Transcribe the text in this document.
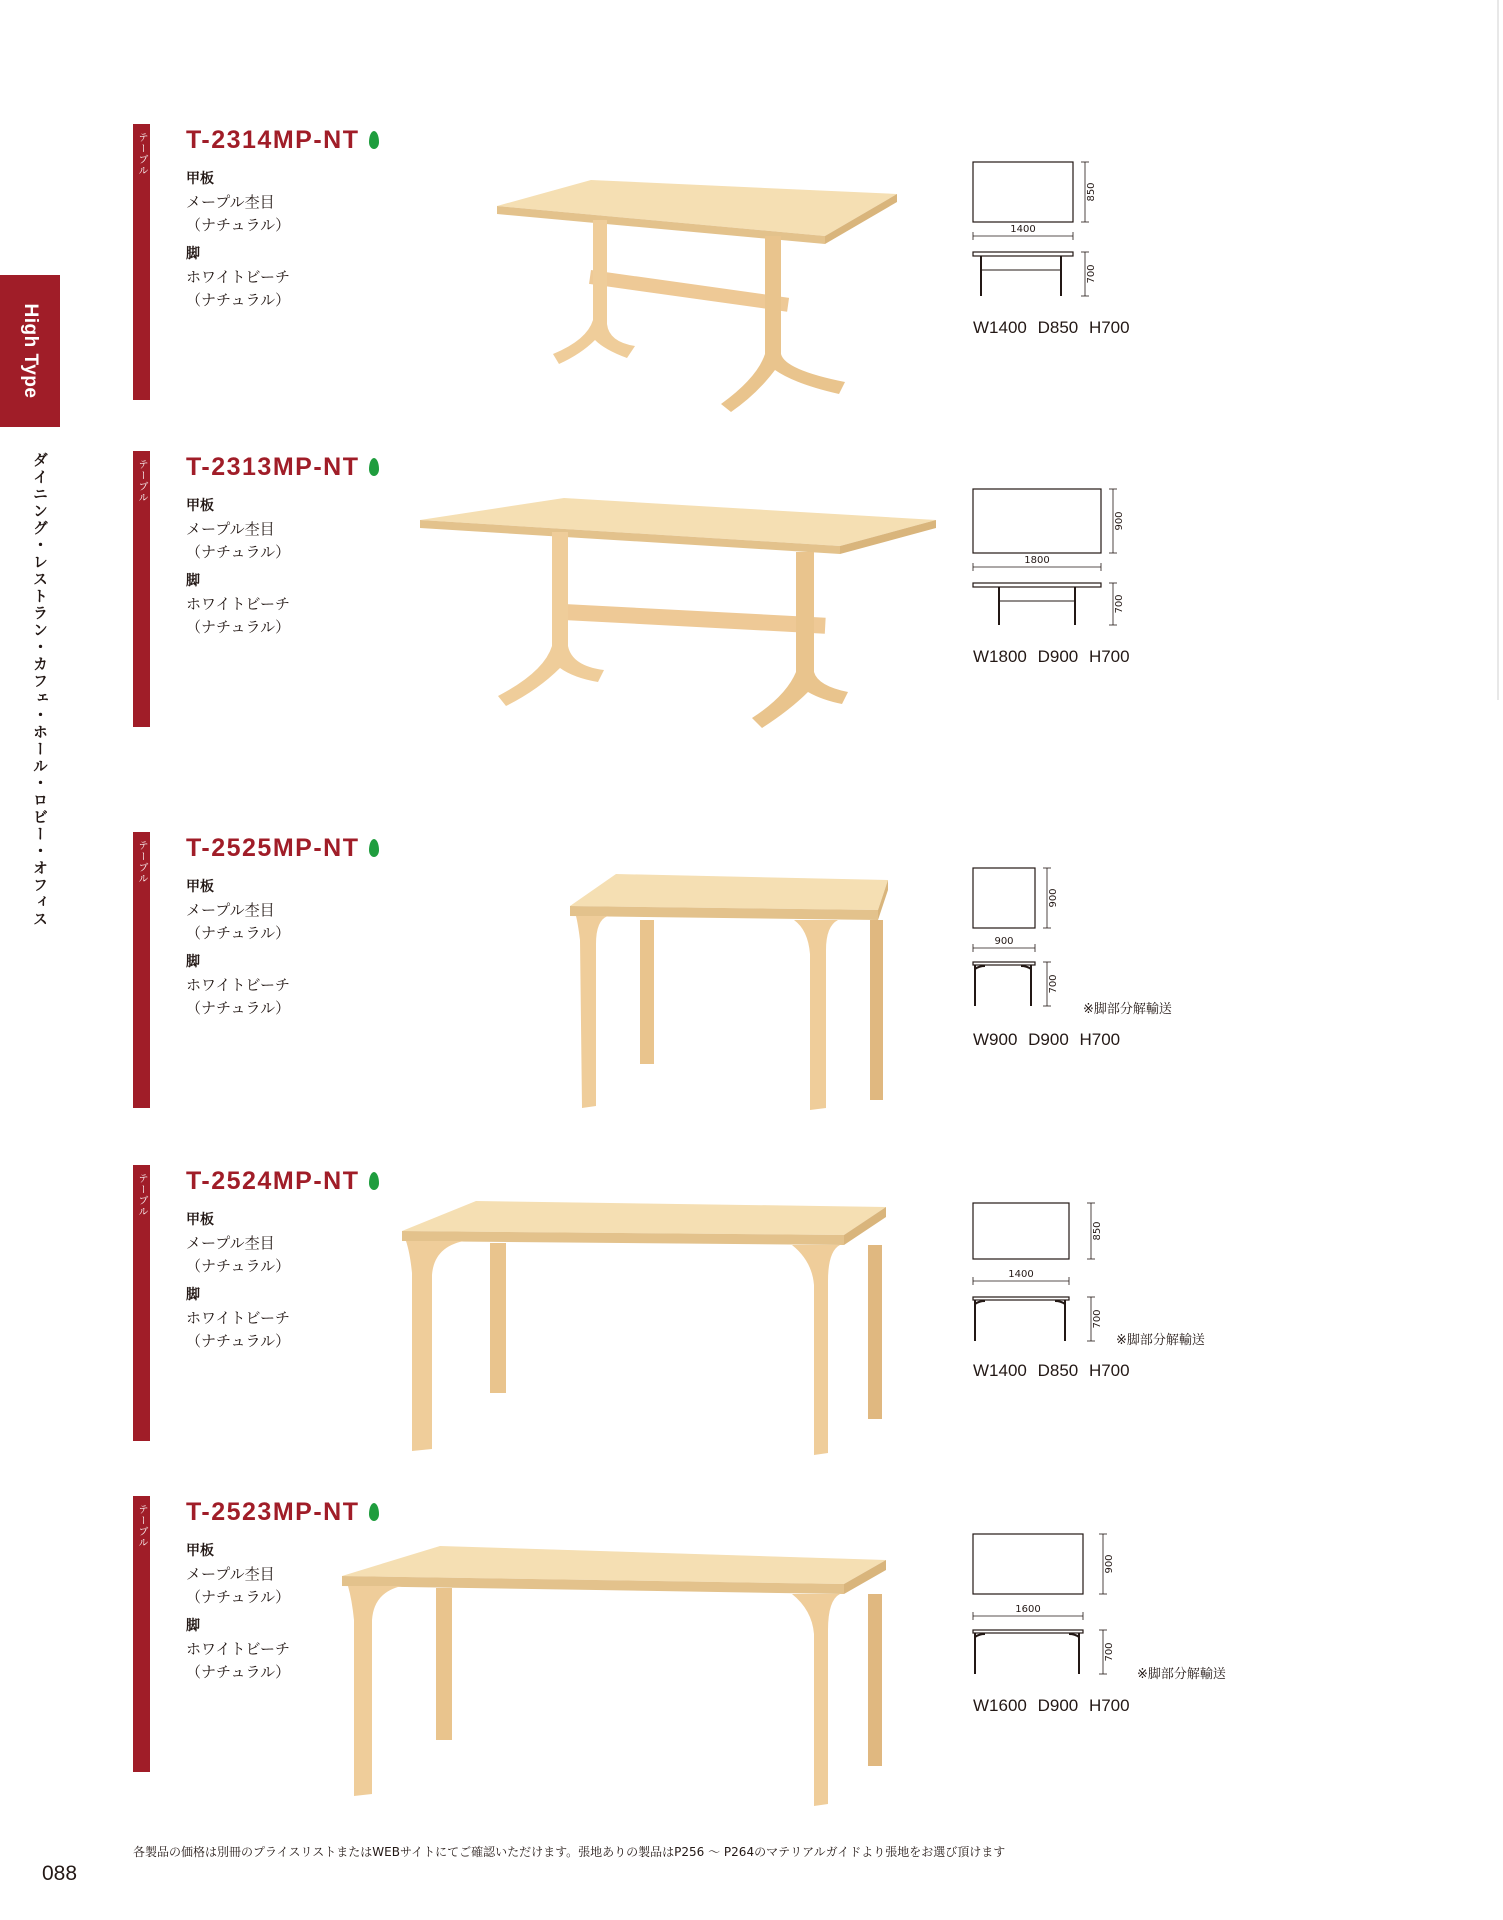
High Type
ダイニング・レストラン・カフェ・ホール・ロビー・オフィス
テーブル T-2314MP-NT
甲板
メープル杢目
（ナチュラル）
脚
ホワイトビーチ
（ナチュラル）
850
1400
700
W1400 D850 H700
テーブル T-2313MP-NT
甲板
メープル杢目
（ナチュラル）
脚
ホワイトビーチ
（ナチュラル）
900
1800
700
W1800 D900 H700
テーブル T-2525MP-NT
甲板
メープル杢目
（ナチュラル）
脚
ホワイトビーチ
（ナチュラル）
900
900
700
※脚部分解輸送
W900 D900 H700
テーブル T-2524MP-NT
甲板
メープル杢目
（ナチュラル）
脚
ホワイトビーチ
（ナチュラル）
850
1400
700
※脚部分解輸送
W1400 D850 H700
テーブル T-2523MP-NT
甲板
メープル杢目
（ナチュラル）
脚
ホワイトビーチ
（ナチュラル）
900
1600
700
※脚部分解輸送
W1600 D900 H700
各製品の価格は別冊のプライスリストまたはWEBサイトにてご確認いただけます。張地ありの製品はP256 〜 P264のマテリアルガイドより張地をお選び頂けます
088
